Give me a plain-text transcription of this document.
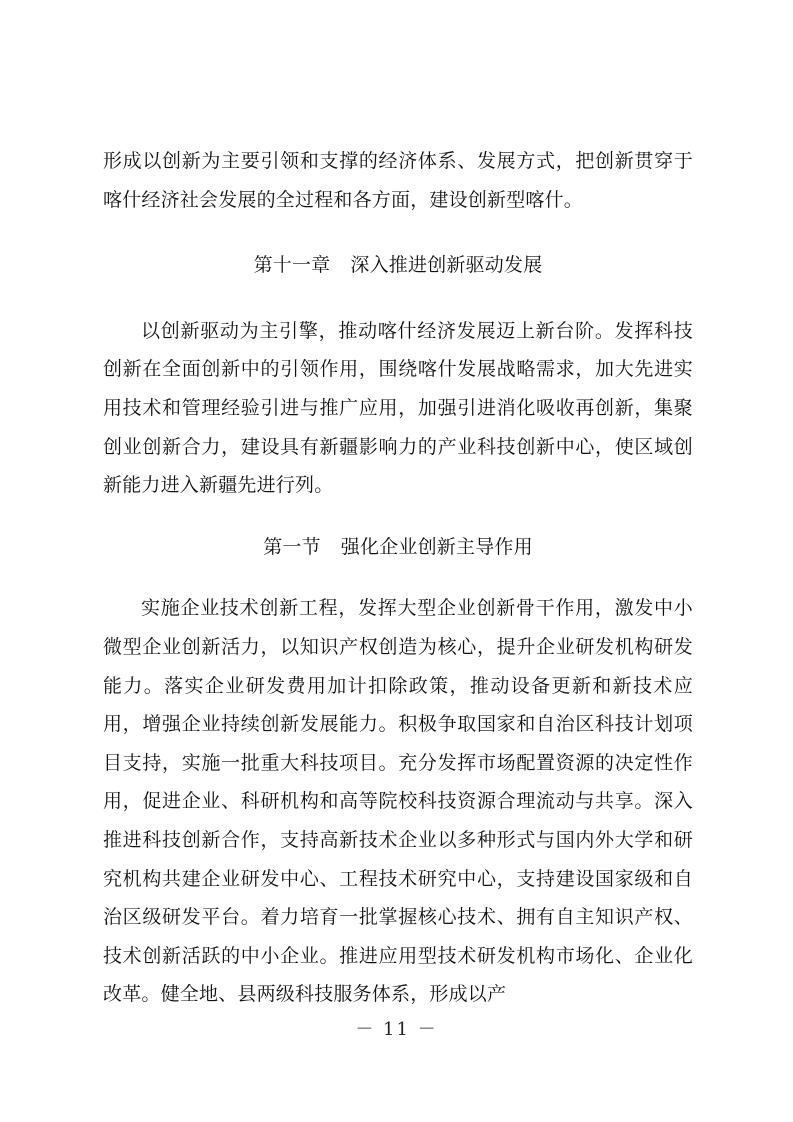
形成以创新为主要引领和支撑的经济体系、发展方式，把创新贯穿于喀什经济社会发展的全过程和各方面，建设创新型喀什。

第十一章 深入推进创新驱动发展

以创新驱动为主引擎，推动喀什经济发展迈上新台阶。发挥科技创新在全面创新中的引领作用，围绕喀什发展战略需求，加大先进实用技术和管理经验引进与推广应用，加强引进消化吸收再创新，集聚创业创新合力，建设具有新疆影响力的产业科技创新中心，使区域创新能力进入新疆先进行列。

第一节 强化企业创新主导作用

实施企业技术创新工程，发挥大型企业创新骨干作用，激发中小微型企业创新活力，以知识产权创造为核心，提升企业研发机构研发能力。落实企业研发费用加计扣除政策，推动设备更新和新技术应用，增强企业持续创新发展能力。积极争取国家和自治区科技计划项目支持，实施一批重大科技项目。充分发挥市场配置资源的决定性作用，促进企业、科研机构和高等院校科技资源合理流动与共享。深入推进科技创新合作，支持高新技术企业以多种形式与国内外大学和研究机构共建企业研发中心、工程技术研究中心，支持建设国家级和自治区级研发平台。着力培育一批掌握核心技术、拥有自主知识产权、技术创新活跃的中小企业。推进应用型技术研发机构市场化、企业化改革。健全地、县两级科技服务体系，形成以产

－ 11 －
